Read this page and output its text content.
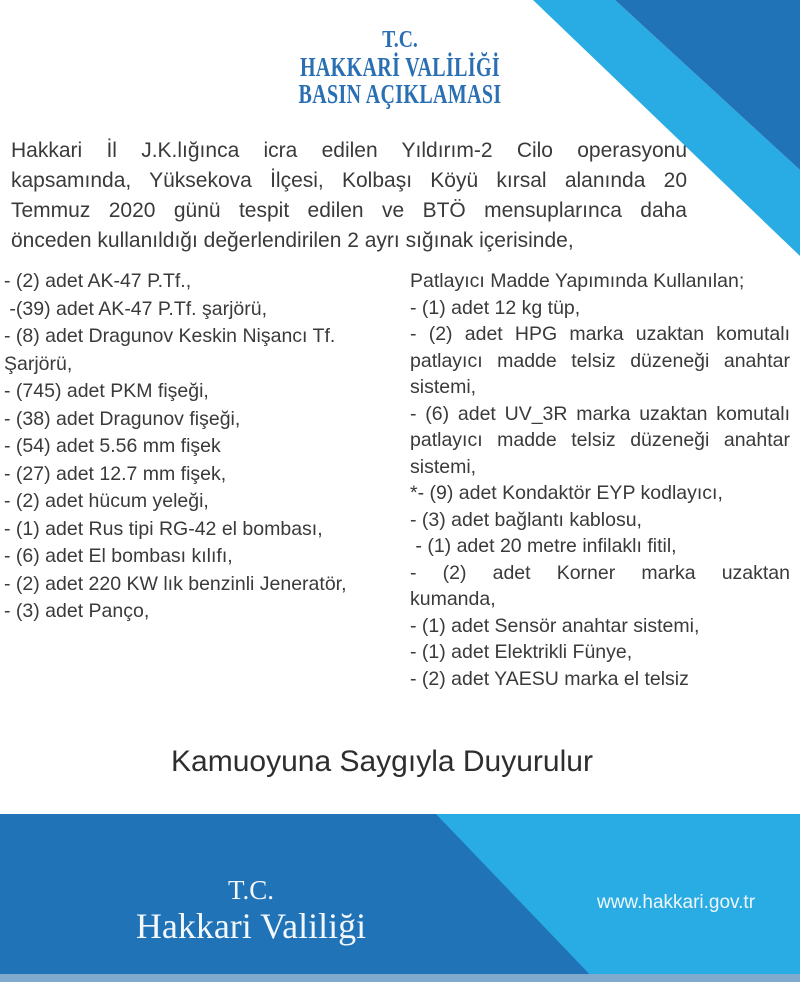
T.C.
HAKKARİ VALİLİĞİ
BASIN AÇIKLAMASI
Hakkari İl J.K.lığınca icra edilen Yıldırım-2 Cilo operasyonu
kapsamında, Yüksekova İlçesi, Kolbaşı Köyü kırsal alanında 20
Temmuz 2020 günü tespit edilen ve BTÖ mensuplarınca daha
önceden kullanıldığı değerlendirilen 2 ayrı sığınak içerisinde,
- (2) adet AK-47 P.Tf.,
-(39) adet AK-47 P.Tf. şarjörü,
- (8) adet Dragunov Keskin Nişancı Tf.
Şarjörü,
- (745) adet PKM fişeği,
- (38) adet Dragunov fişeği,
- (54) adet 5.56 mm fişek
- (27) adet 12.7 mm fişek,
- (2) adet hücum yeleği,
- (1) adet Rus tipi RG-42 el bombası,
- (6) adet El bombası kılıfı,
- (2) adet 220 KW lık benzinli Jeneratör,
- (3) adet Panço,
Patlayıcı Madde Yapımında Kullanılan;
- (1) adet 12 kg tüp,
- (2) adet HPG marka uzaktan komutalı
patlayıcı madde telsiz düzeneği anahtar
sistemi,
- (6) adet UV_3R marka uzaktan komutalı
patlayıcı madde telsiz düzeneği anahtar
sistemi,
*- (9) adet Kondaktör EYP kodlayıcı,
- (3) adet bağlantı kablosu,
- (1) adet 20 metre infilaklı fitil,
- (2) adet Korner marka uzaktan
kumanda,
- (1) adet Sensör anahtar sistemi,
- (1) adet Elektrikli Fünye,
- (2) adet YAESU marka el telsiz
Kamuoyuna Saygıyla Duyurulur
T.C.
Hakkari Valiliği
www.hakkari.gov.tr
